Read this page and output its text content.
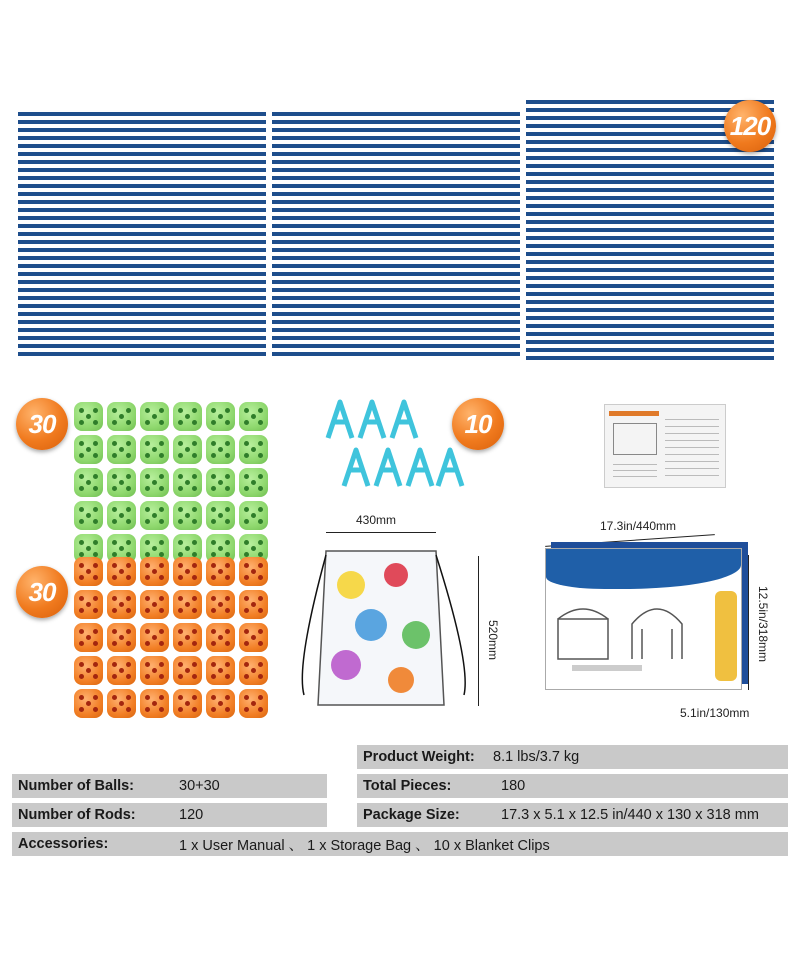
120
30
30
10
430mm
520mm
17.3in/440mm
12.5in/318mm
5.1in/130mm
Product Weight:	8.1 lbs/3.7 kg
Number of Balls:	30+30	Total Pieces:	180
Number of Rods:	120	Package Size:	17.3 x 5.1 x 12.5 in/440 x 130 x 318 mm
Accessories:	1 x User Manual 、 1 x Storage Bag 、 10 x Blanket Clips
